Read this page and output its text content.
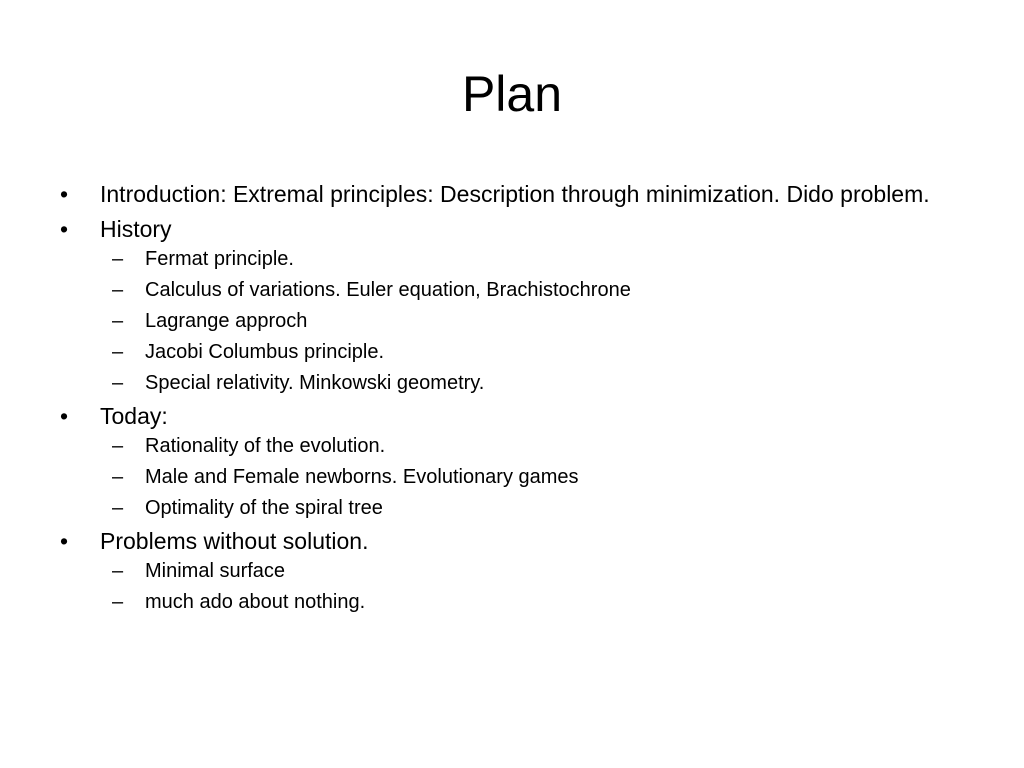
Plan
•	Introduction: Extremal principles: Description through minimization. Dido problem.
•	History
– Fermat principle.
– Calculus of variations. Euler equation, Brachistochrone
– Lagrange approch
– Jacobi Columbus principle.
– Special relativity. Minkowski geometry.
•	Today:
– Rationality of the evolution.
– Male and Female newborns. Evolutionary games
– Optimality of the spiral tree
•	Problems without solution.
– Minimal surface
– much ado about nothing.
